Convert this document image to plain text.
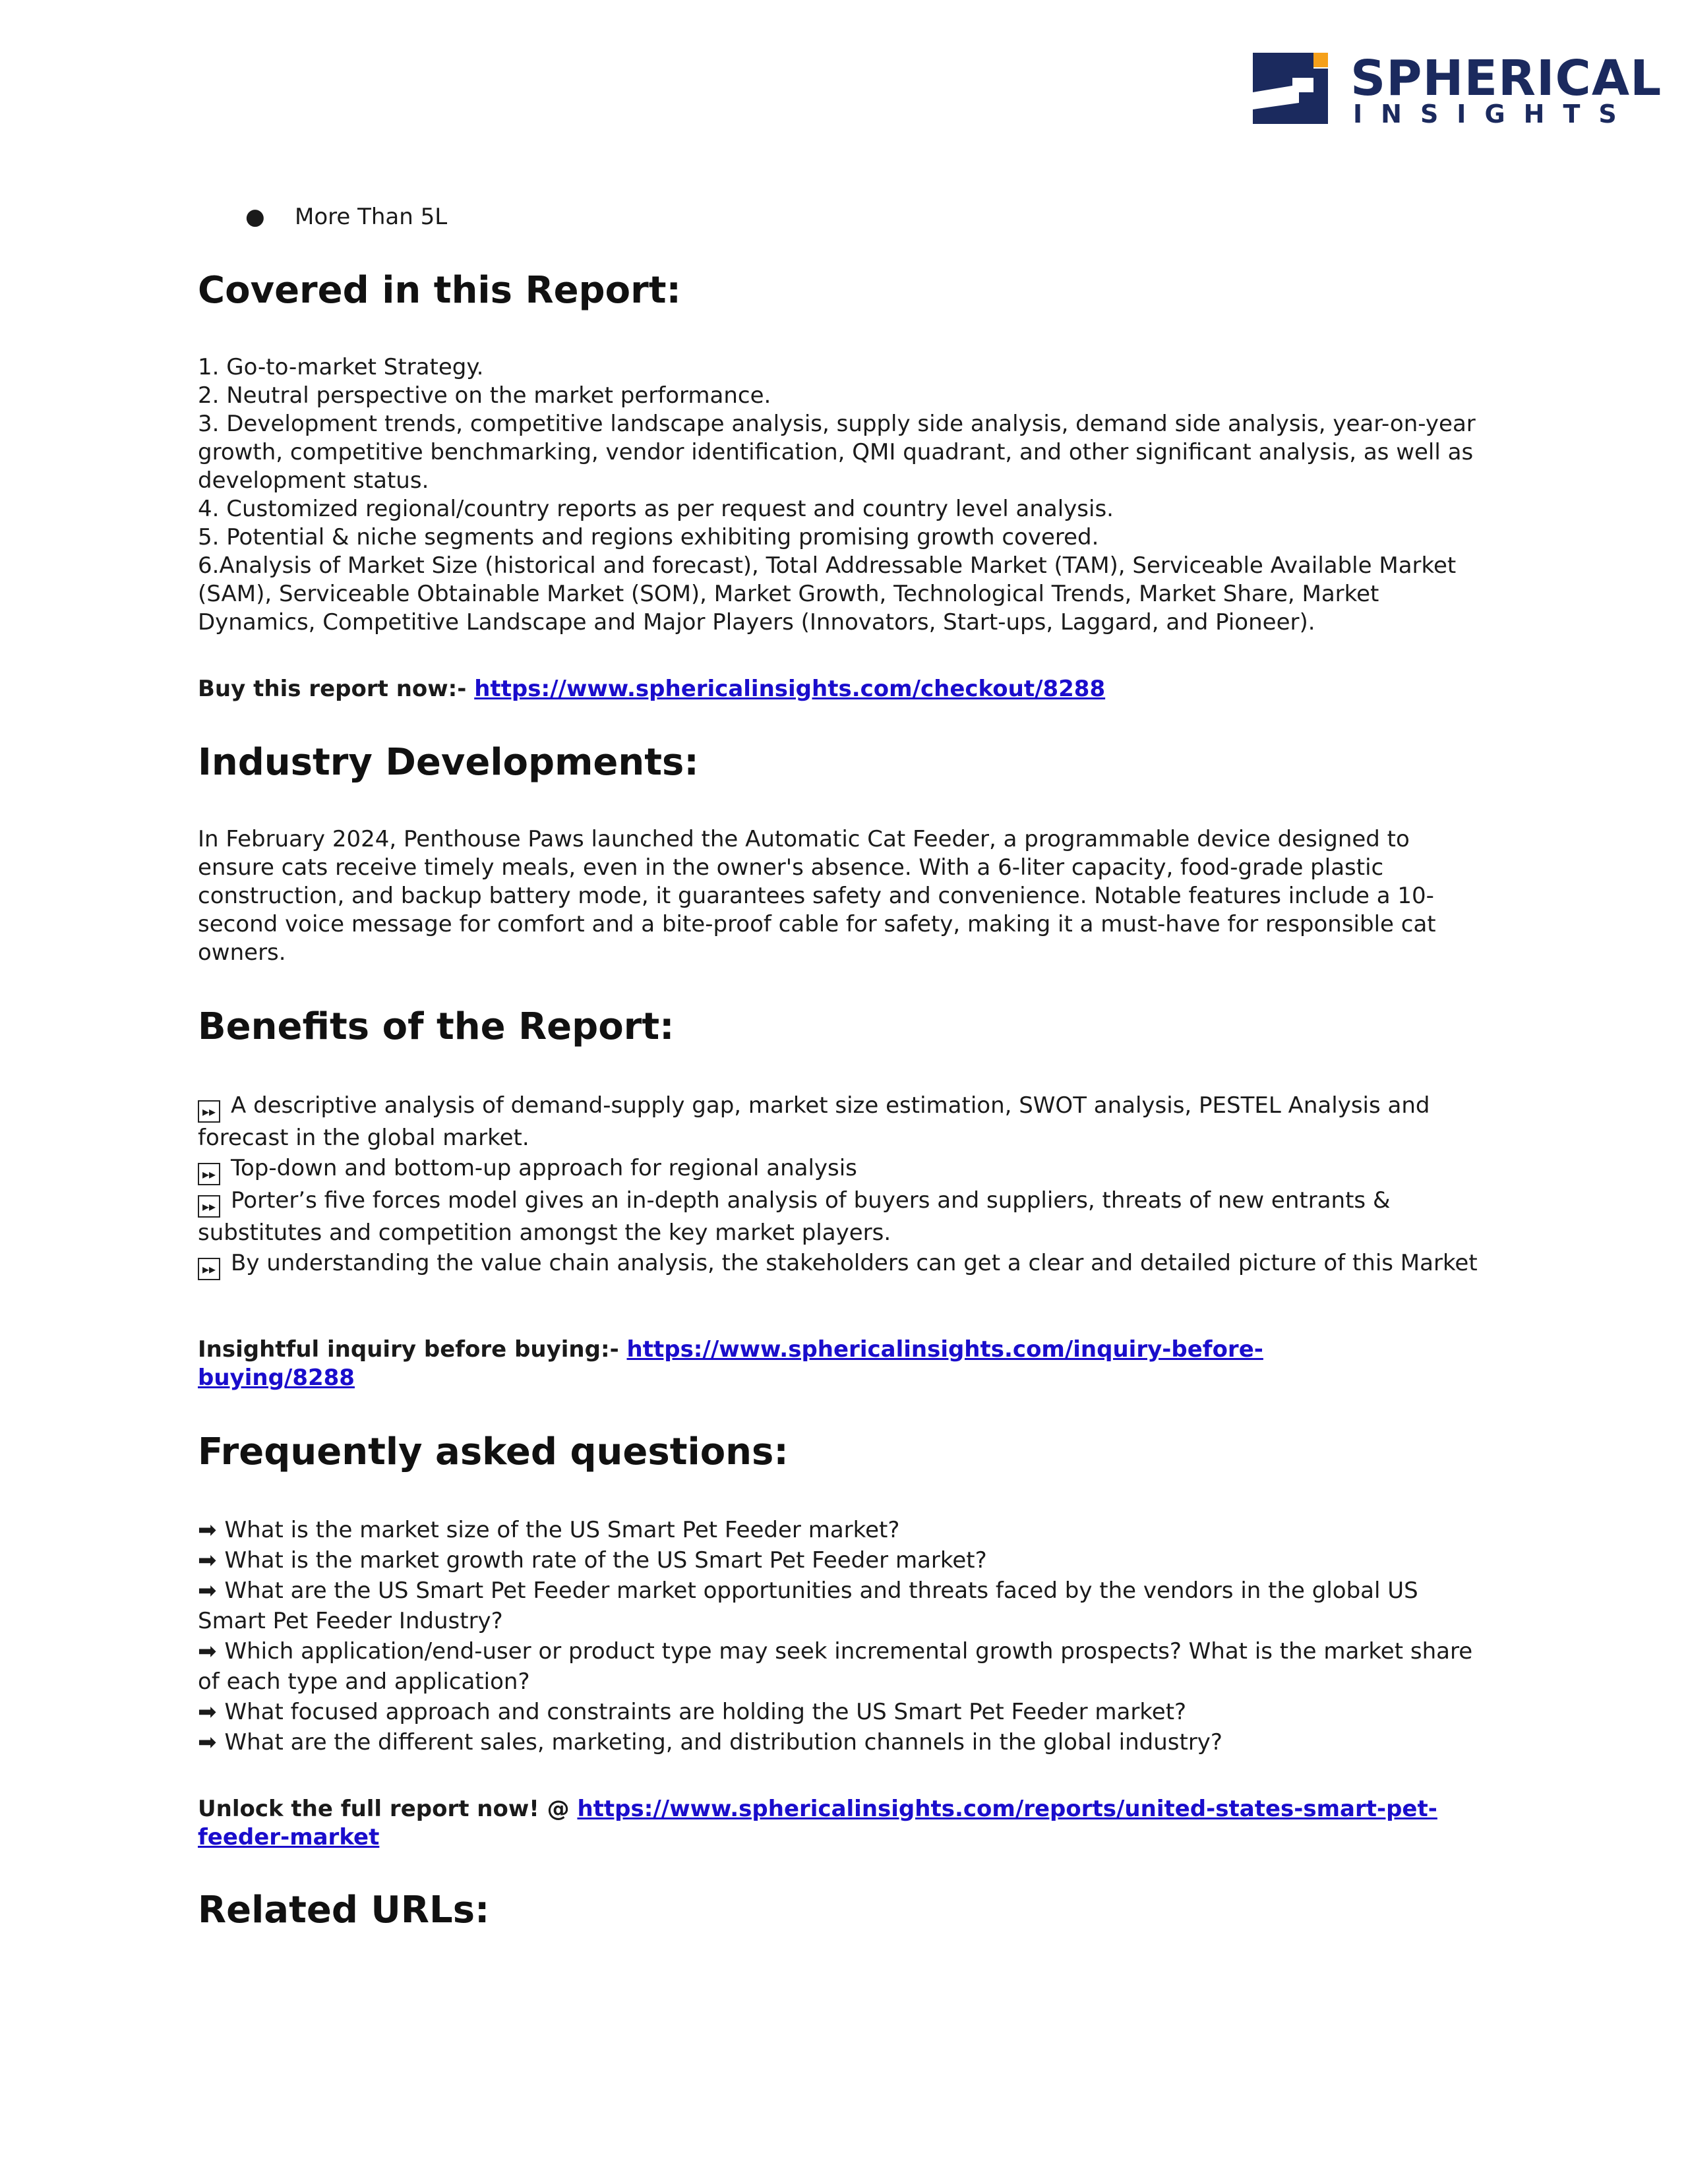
SPHERICAL
INSIGHTS
● More Than 5L
Covered in this Report:

1. Go-to-market Strategy.

2. Neutral perspective on the market performance.

3. Development trends, competitive landscape analysis, supply side analysis, demand side analysis, year-on-year growth, competitive benchmarking, vendor identification, QMI quadrant, and other significant analysis, as well as development status.

4. Customized regional/country reports as per request and country level analysis.

5. Potential & niche segments and regions exhibiting promising growth covered.

6.Analysis of Market Size (historical and forecast), Total Addressable Market (TAM), Serviceable Available Market (SAM), Serviceable Obtainable Market (SOM), Market Growth, Technological Trends, Market Share, Market Dynamics, Competitive Landscape and Major Players (Innovators, Start-ups, Laggard, and Pioneer).

Buy this report now:- https://www.sphericalinsights.com/checkout/8288
Industry Developments:

In February 2024, Penthouse Paws launched the Automatic Cat Feeder, a programmable device designed to ensure cats receive timely meals, even in the owner's absence. With a 6-liter capacity, food-grade plastic construction, and backup battery mode, it guarantees safety and convenience. Notable features include a 10-second voice message for comfort and a bite-proof cable for safety, making it a must-have for responsible cat owners.

Benefits of the Report:

▸▸ A descriptive analysis of demand-supply gap, market size estimation, SWOT analysis, PESTEL Analysis and forecast in the global market.

▸▸ Top-down and bottom-up approach for regional analysis

▸▸ Porter’s five forces model gives an in-depth analysis of buyers and suppliers, threats of new entrants & substitutes and competition amongst the key market players.

▸▸ By understanding the value chain analysis, the stakeholders can get a clear and detailed picture of this Market

Insightful inquiry before buying:- https://www.sphericalinsights.com/inquiry-before-buying/8288
Frequently asked questions:

➡ What is the market size of the US Smart Pet Feeder market?

➡ What is the market growth rate of the US Smart Pet Feeder market?

➡ What are the US Smart Pet Feeder market opportunities and threats faced by the vendors in the global US Smart Pet Feeder Industry?

➡ Which application/end-user or product type may seek incremental growth prospects? What is the market share of each type and application?

➡ What focused approach and constraints are holding the US Smart Pet Feeder market?

➡ What are the different sales, marketing, and distribution channels in the global industry?

Unlock the full report now! @ https://www.sphericalinsights.com/reports/united-states-smart-pet-feeder-market
Related URLs:
